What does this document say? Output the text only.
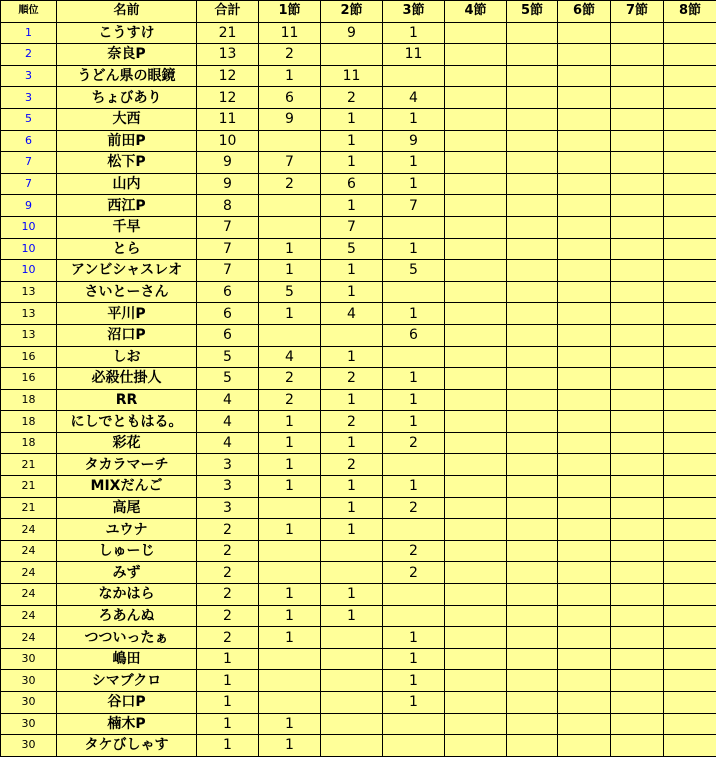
順位	名前	合計	1節	2節	3節	4節	5節	6節	7節	8節
1	こうすけ	21	11	9	1					
2	奈良P	13	2		11					
3	うどん県の眼鏡	12	1	11						
3	ちょびあり	12	6	2	4					
5	大西	11	9	1	1					
6	前田P	10		1	9					
7	松下P	9	7	1	1					
7	山内	9	2	6	1					
9	西江P	8		1	7					
10	千早	7		7						
10	とら	7	1	5	1					
10	アンビシャスレオ	7	1	1	5					
13	さいとーさん	6	5	1						
13	平川P	6	1	4	1					
13	沼口P	6			6					
16	しお	5	4	1						
16	必殺仕掛人	5	2	2	1					
18	RR	4	2	1	1					
18	にしでともはる。	4	1	2	1					
18	彩花	4	1	1	2					
21	タカラマーチ	3	1	2						
21	MIXだんご	3	1	1	1					
21	高尾	3		1	2					
24	ユウナ	2	1	1						
24	しゅーじ	2			2					
24	みず	2			2					
24	なかはら	2	1	1						
24	ろあんぬ	2	1	1						
24	つついったぁ	2	1		1					
30	嶋田	1			1					
30	シマブクロ	1			1					
30	谷口P	1			1					
30	楠木P	1	1							
30	タケびしゃす	1	1							
